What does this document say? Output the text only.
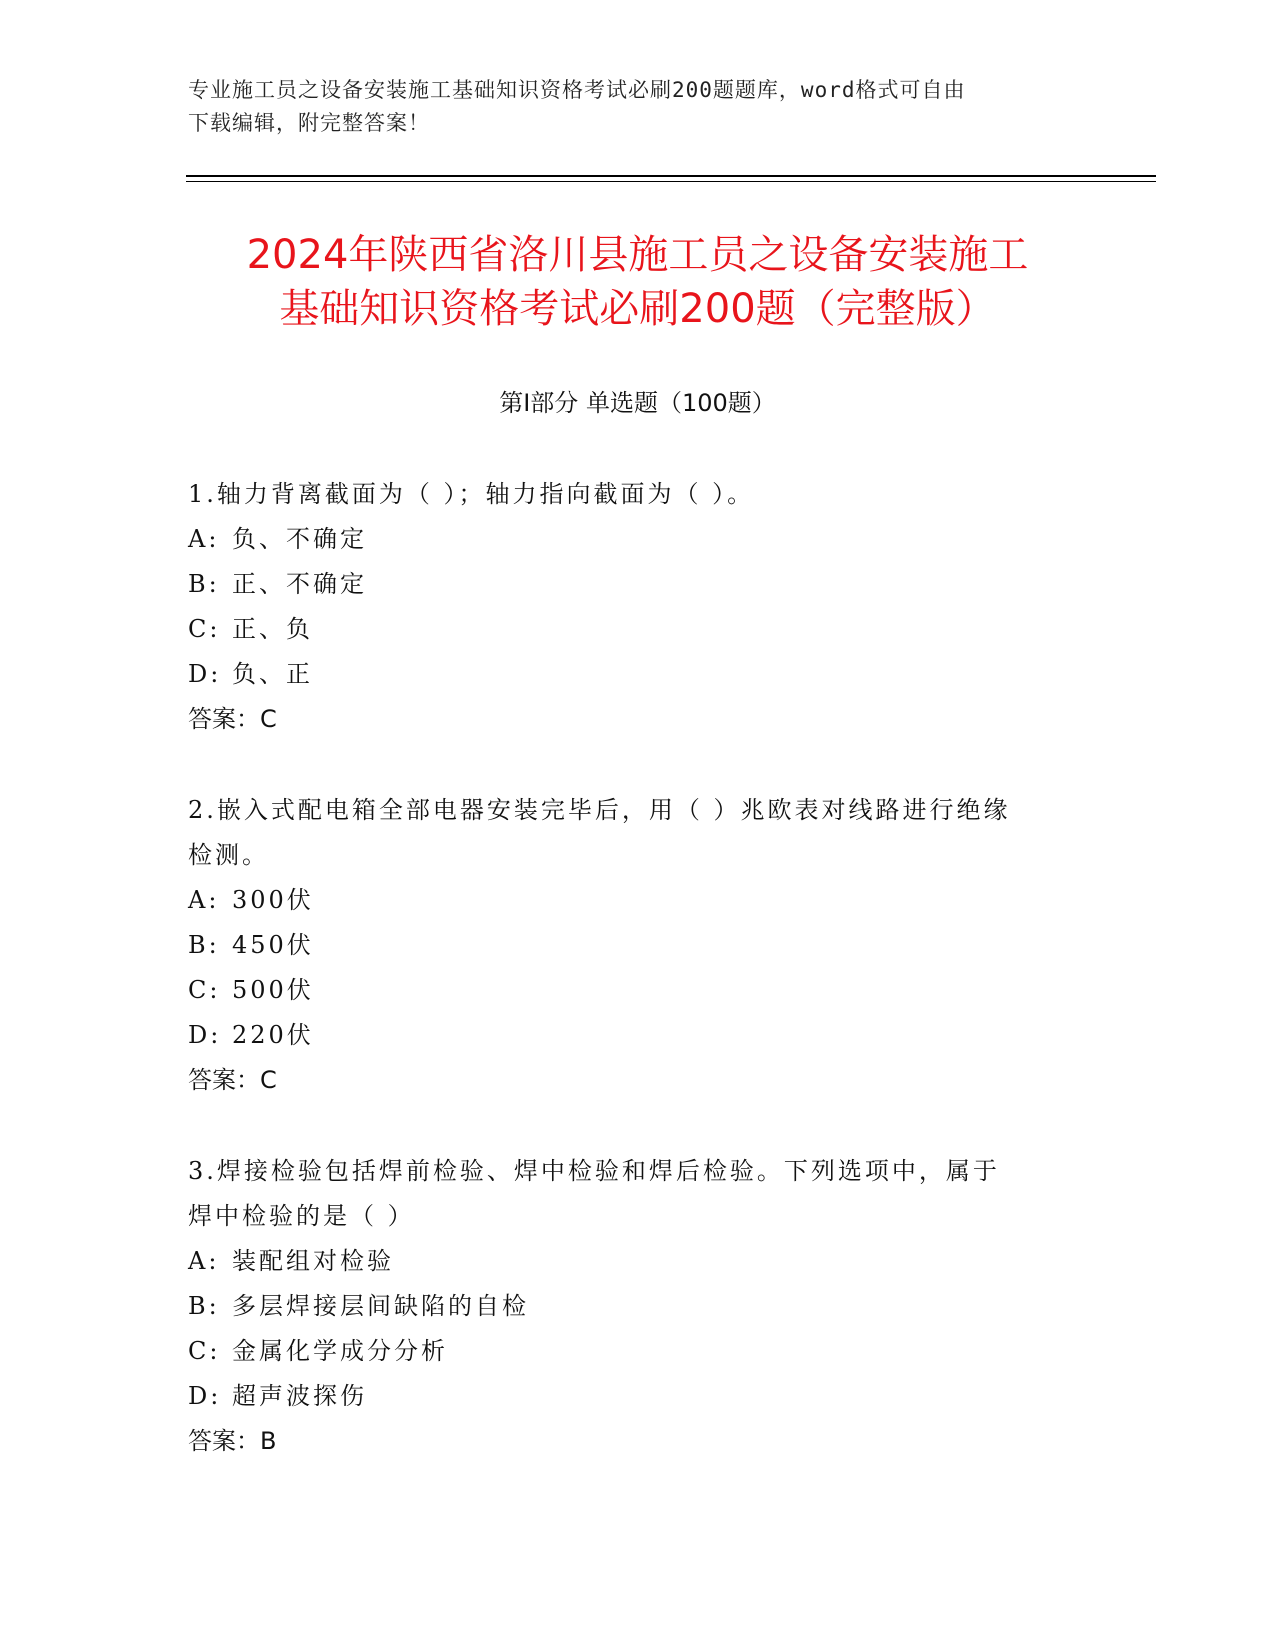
专业施工员之设备安装施工基础知识资格考试必刷200题题库，word格式可自由
下载编辑，附完整答案！
2024年陕西省洛川县施工员之设备安装施工
基础知识资格考试必刷200题（完整版）
第Ⅰ部分 单选题（100题）
1.轴力背离截面为（ ）；轴力指向截面为（ ）。
A: 负、不确定
B: 正、不确定
C: 正、负
D: 负、正
答案：C
2.嵌入式配电箱全部电器安装完毕后，用（ ）兆欧表对线路进行绝缘
检测。
A: 300伏
B: 450伏
C: 500伏
D: 220伏
答案：C
3.焊接检验包括焊前检验、焊中检验和焊后检验。下列选项中，属于
焊中检验的是（ ）
A: 装配组对检验
B: 多层焊接层间缺陷的自检
C: 金属化学成分分析
D: 超声波探伤
答案：B
